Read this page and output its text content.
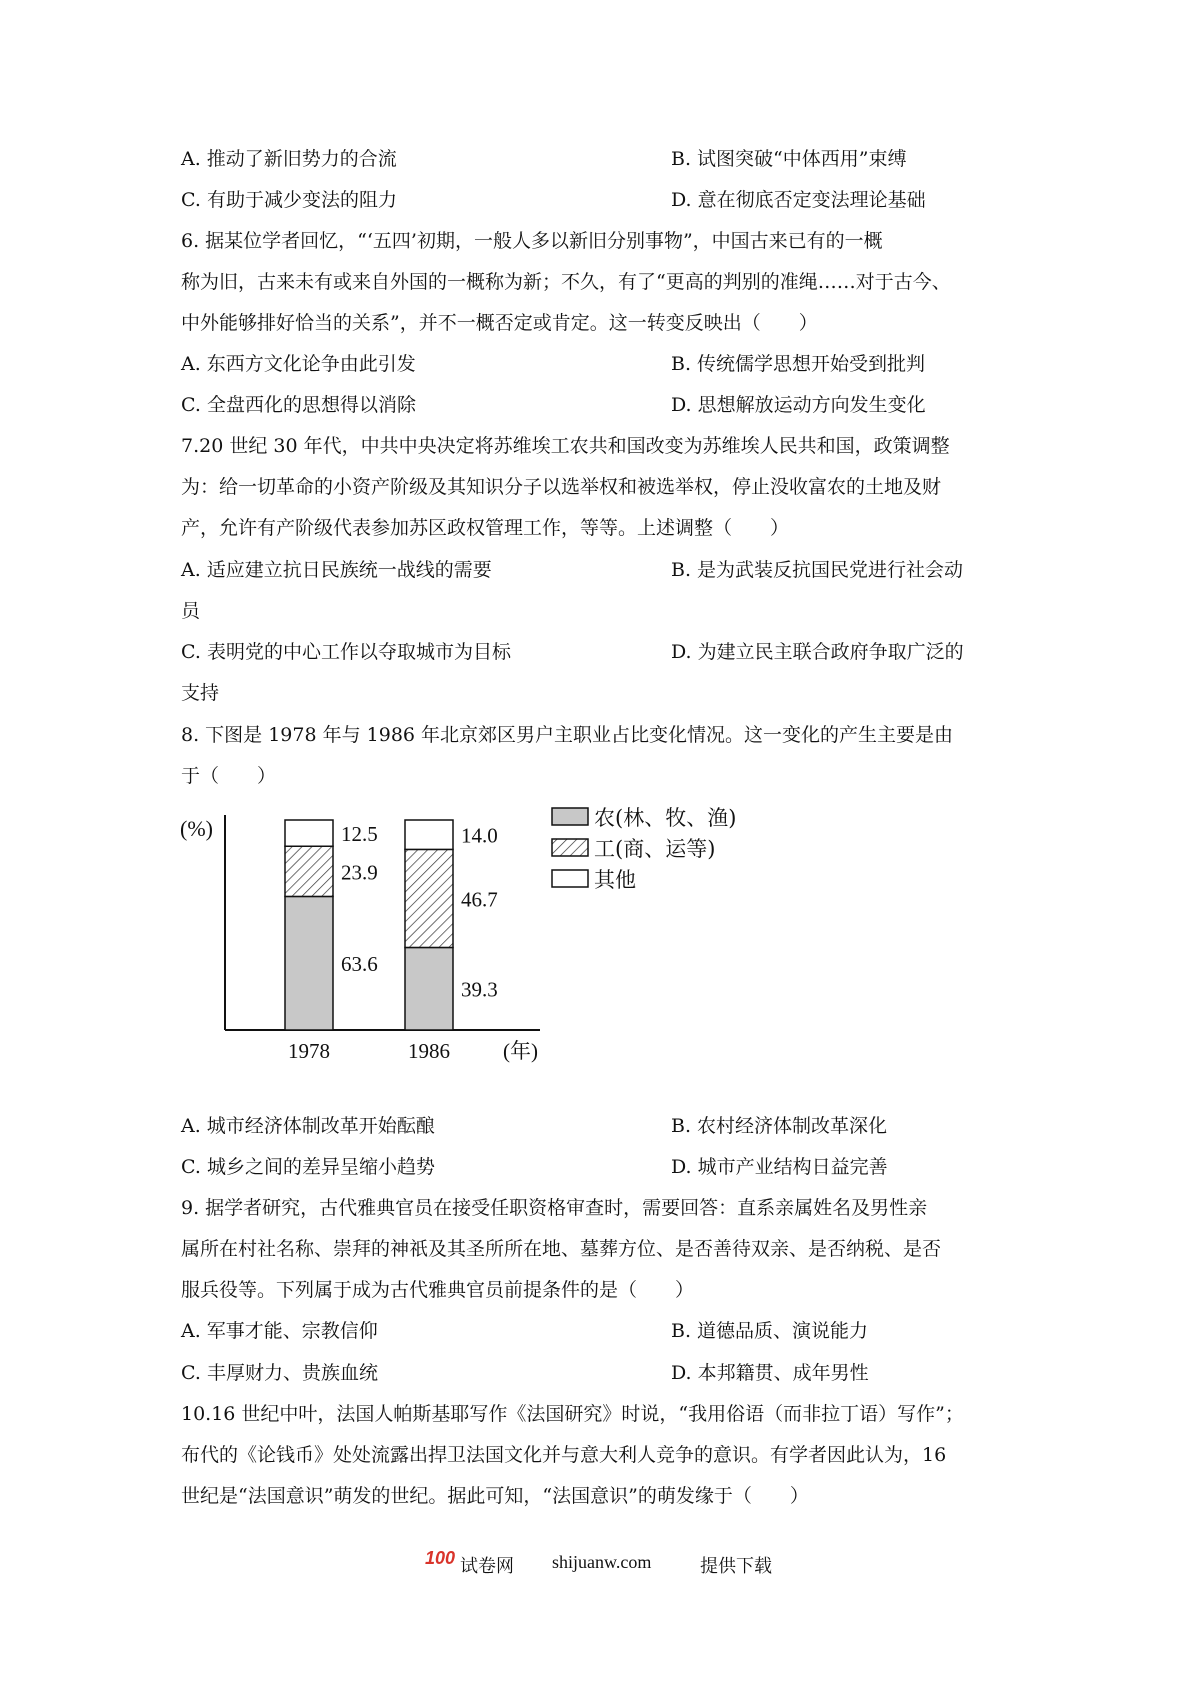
A. 推动了新旧势力的合流	B. 试图突破“中体西用”束缚
C. 有助于减少变法的阻力	D. 意在彻底否定变法理论基础
6. 据某位学者回忆，“‘五四’初期，一般人多以新旧分别事物”，中国古来已有的一概
称为旧，古来未有或来自外国的一概称为新；不久，有了“更高的判别的准绳……对于古今、
中外能够排好恰当的关系”，并不一概否定或肯定。这一转变反映出（　　）
A. 东西方文化论争由此引发	B. 传统儒学思想开始受到批判
C. 全盘西化的思想得以消除	D. 思想解放运动方向发生变化
7.20 世纪 30 年代，中共中央决定将苏维埃工农共和国改变为苏维埃人民共和国，政策调整
为：给一切革命的小资产阶级及其知识分子以选举权和被选举权，停止没收富农的土地及财
产，允许有产阶级代表参加苏区政权管理工作，等等。上述调整（　　）
A. 适应建立抗日民族统一战线的需要	B. 是为武装反抗国民党进行社会动
员
C. 表明党的中心工作以夺取城市为目标	D. 为建立民主联合政府争取广泛的
支持
8. 下图是 1978 年与 1986 年北京郊区男户主职业占比变化情况。这一变化的产生主要是由
于（　　）
(%)
63.6
23.9
12.5
1978
39.3
46.7
14.0
1986	(年)
农(林、牧、渔)
工(商、运等)
其他
A. 城市经济体制改革开始酝酿	B. 农村经济体制改革深化
C. 城乡之间的差异呈缩小趋势	D. 城市产业结构日益完善
9. 据学者研究，古代雅典官员在接受任职资格审查时，需要回答：直系亲属姓名及男性亲
属所在村社名称、崇拜的神祇及其圣所所在地、墓葬方位、是否善待双亲、是否纳税、是否
服兵役等。下列属于成为古代雅典官员前提条件的是（　　）
A. 军事才能、宗教信仰	B. 道德品质、演说能力
C. 丰厚财力、贵族血统	D. 本邦籍贯、成年男性
10.16 世纪中叶，法国人帕斯基耶写作《法国研究》时说，“我用俗语（而非拉丁语）写作”；
布代的《论钱币》处处流露出捍卫法国文化并与意大利人竞争的意识。有学者因此认为，16
世纪是“法国意识”萌发的世纪。据此可知，“法国意识”的萌发缘于（　　）
100 试卷网 shijuanw.com	提供下载
